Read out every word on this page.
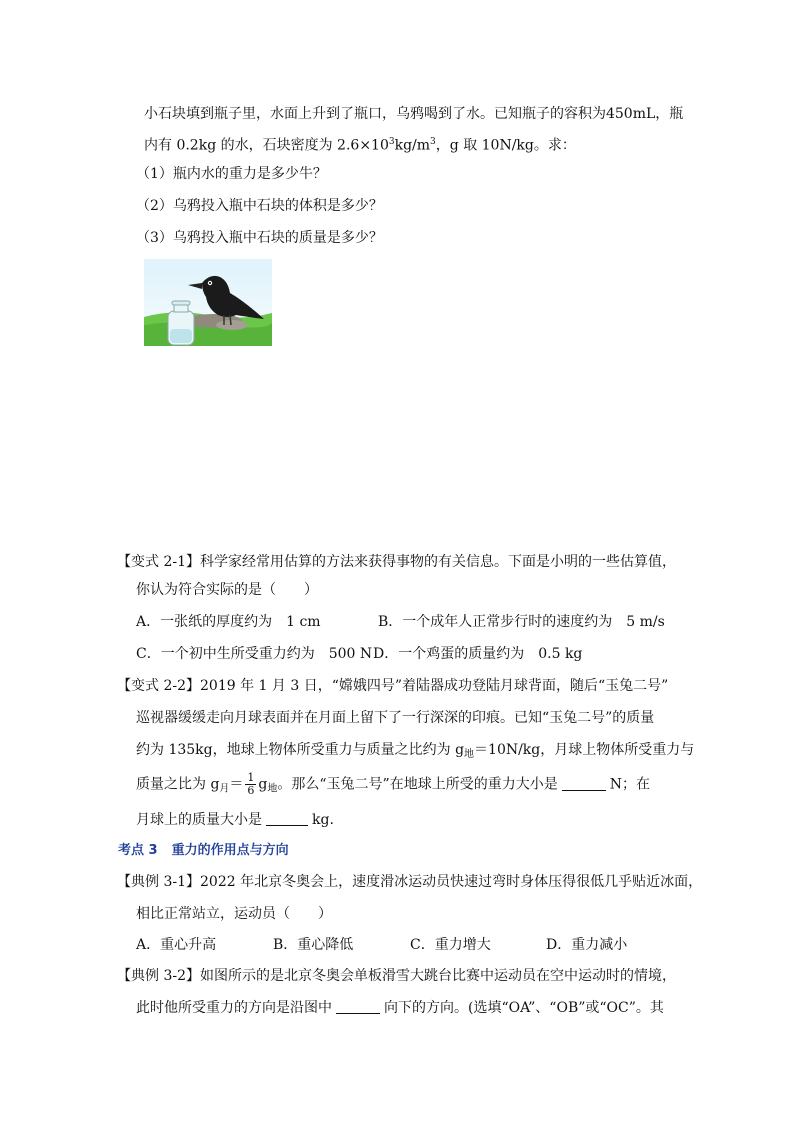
小石块填到瓶子里，水面上升到了瓶口，乌鸦喝到了水。已知瓶子的容积为450mL，瓶
内有 0.2kg 的水，石块密度为 $2.6\times 10^3kg/m^3$，g 取 10N/kg。求：
（1）瓶内水的重力是多少牛？
（2）乌鸦投入瓶中石块的体积是多少？
（3）乌鸦投入瓶中石块的质量是多少？
【变式 2-1】科学家经常用估算的方法来获得事物的有关信息。下面是小明的一些估算值，
你认为符合实际的是（　　）
A．一张纸的厚度约为　1 cm	B．一个成年人正常步行时的速度约为　5 m/s
C．一个初中生所受重力约为　500 N D．一个鸡蛋的质量约为　0.5 kg
【变式 2-2】2019 年 1 月 3 日，“嫦娥四号”着陆器成功登陆月球背面，随后“玉兔二号”
巡视器缓缓走向月球表面并在月面上留下了一行深深的印痕。已知“玉兔二号”的质量
约为 135kg，地球上物体所受重力与质量之比约为 $g_地=10N/kg$，月球上物体所受重力与
质量之比为 $g_月= \frac{1}{6} g_地$。那么“玉兔二号”在地球上所受的重力大小是	N；在
月球上的质量大小是	kg.
考点 3 重力的作用点与方向
【典例 3-1】2022 年北京冬奥会上，速度滑冰运动员快速过弯时身体压得很低几乎贴近冰面，
相比正常站立，运动员（　　）
A．重心升高	B．重心降低	C．重力增大	D．重力减小
【典例 3-2】如图所示的是北京冬奥会单板滑雪大跳台比赛中运动员在空中运动时的情境，
此时他所受重力的方向是沿图中	向下的方向。(选填“OA”、“OB”或“OC”。其
